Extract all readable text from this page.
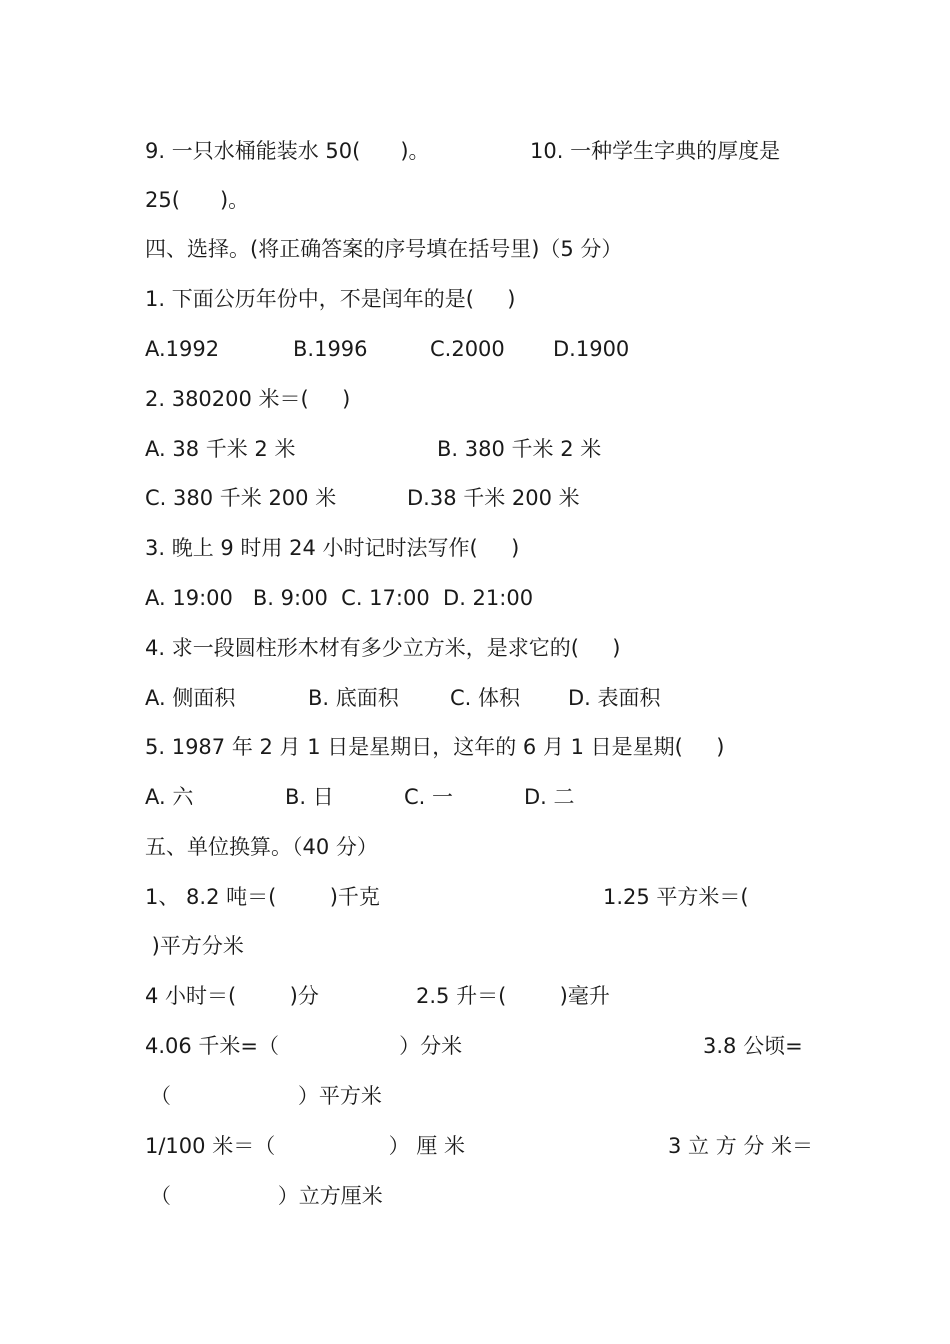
9. 一只水桶能装水 50(      )。	10. 一种学生字典的厚度是
25(      )。
四、选择。(将正确答案的序号填在括号里)（5 分）
1. 下面公历年份中，不是闰年的是(     )
A.1992	B.1996	C.2000 D.1900
2. 380200 米＝(     )
A. 38 千米 2 米	B. 380 千米 2 米
C. 380 千米 200 米	D.38 千米 200 米
3. 晚上 9 时用 24 小时记时法写作(     )
A. 19:00   B. 9:00  C. 17:00  D. 21:00
4. 求一段圆柱形木材有多少立方米，是求它的(     )
A. 侧面积	B. 底面积 C. 体积 D. 表面积
5. 1987 年 2 月 1 日是星期日，这年的 6 月 1 日是星期(     )
A. 六	B. 日	C. 一	D. 二
五、单位换算。（40 分）
1、 8.2 吨＝(        )千克	1.25 平方米＝(
)平方分米
4 小时＝(        )分	2.5 升＝(        )毫升
4.06 千米=（                  ）分米	3.8 公顷=
（                   ）平方米
1/100 米＝（                 ） 厘 米	3 立 方 分 米＝
（                ）立方厘米
